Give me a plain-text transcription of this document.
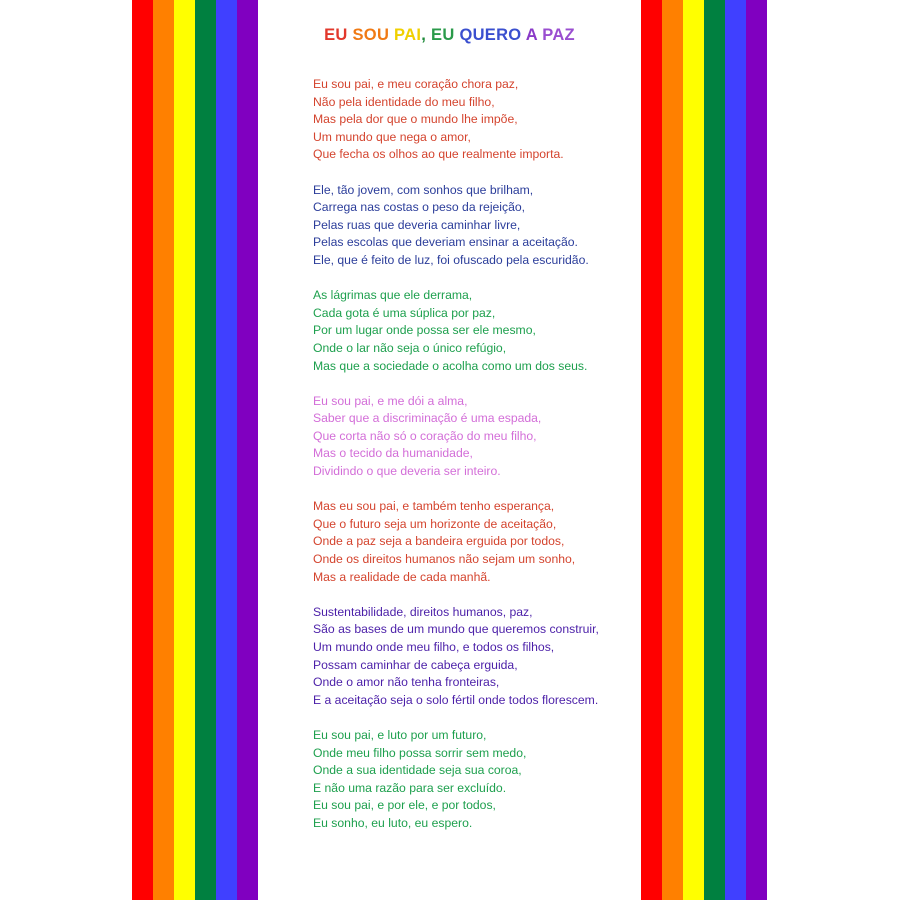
EU SOU PAI, EU QUERO A PAZ
Eu sou pai, e meu coração chora paz,
Não pela identidade do meu filho,
Mas pela dor que o mundo lhe impõe,
Um mundo que nega o amor,
Que fecha os olhos ao que realmente importa.
Ele, tão jovem, com sonhos que brilham,
Carrega nas costas o peso da rejeição,
Pelas ruas que deveria caminhar livre,
Pelas escolas que deveriam ensinar a aceitação.
Ele, que é feito de luz, foi ofuscado pela escuridão.
As lágrimas que ele derrama,
Cada gota é uma súplica por paz,
Por um lugar onde possa ser ele mesmo,
Onde o lar não seja o único refúgio,
Mas que a sociedade o acolha como um dos seus.
Eu sou pai, e me dói a alma,
Saber que a discriminação é uma espada,
Que corta não só o coração do meu filho,
Mas o tecido da humanidade,
Dividindo o que deveria ser inteiro.
Mas eu sou pai, e também tenho esperança,
Que o futuro seja um horizonte de aceitação,
Onde a paz seja a bandeira erguida por todos,
Onde os direitos humanos não sejam um sonho,
Mas a realidade de cada manhã.
Sustentabilidade, direitos humanos, paz,
São as bases de um mundo que queremos construir,
Um mundo onde meu filho, e todos os filhos,
Possam caminhar de cabeça erguida,
Onde o amor não tenha fronteiras,
E a aceitação seja o solo fértil onde todos florescem.
Eu sou pai, e luto por um futuro,
Onde meu filho possa sorrir sem medo,
Onde a sua identidade seja sua coroa,
E não uma razão para ser excluído.
Eu sou pai, e por ele, e por todos,
Eu sonho, eu luto, eu espero.
